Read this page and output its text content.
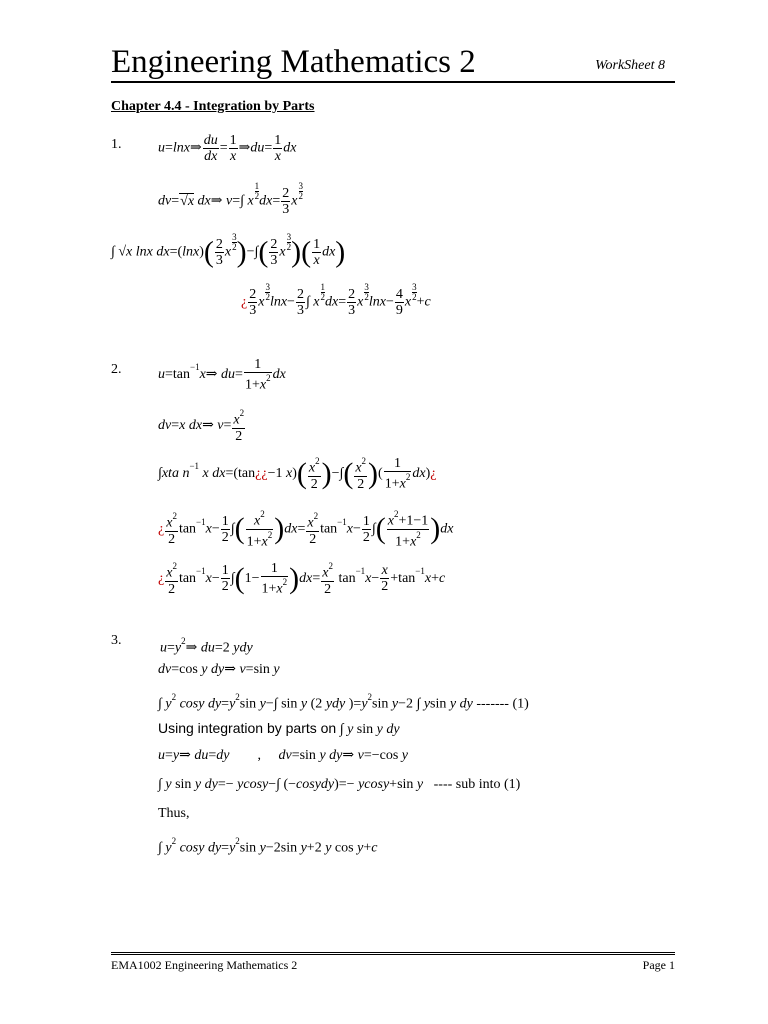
Engineering Mathematics 2	WorkSheet 8
Chapter 4.4 - Integration by Parts
1.	u=lnx⇒ $\frac{du}{dx} = \frac{1}{x}$ ⇒du= $\frac{1}{x}$ dx
dv=√x dx⇒ v=∫ x
$\frac{1}{2}$
$dx= \frac{2}{3}$ x
$\frac{3}{2}$
∫ √x lnx $dx=(\ln x)( \frac{2}{3}$ x
$\frac{3}{2}$ )−∫( $\frac{2}{3}$ x
$\frac{3}{2}$ )( $\frac{1}{x} dx$)
¿ $\frac{2}{3}$ x
$\frac{3}{2}$
$\ln x- \frac{2}{3}$ ∫ x
$\frac{1}{2}$
$dx= \frac{2}{3}$ x
$\frac{3}{2}$
$\ln x- \frac{4}{9}$ x
$\frac{3}{2}$
+c
2.	$u=\tan^{-1}x\Rightarrow$ $du= \frac{1}{1+x^2}$ dx
dv=x dx⇒ $v= \frac{x^2}{2}$
∫xta $n^{-1}$ x dx=(tan¿¿−1 $x)( \frac{x^2}{2}$ )−∫( $\frac{x^2}{2}$ )( $\frac{1}{1+x^2}$ dx)¿
¿ $\frac{x^2}{2} \tan^{-1}x- \frac{1}{2}$ ∫( $\frac{x^2}{1+x^2} )dx= \frac{x^2}{2} \tan^{-1}x- \frac{1}{2}$ ∫( $\frac{x^2+1-1}{1+x^2} )dx$
¿ $\frac{x^2}{2} \tan^{-1}x- \frac{1}{2} \int(1- \frac{1}{1+x^2} )dx= \frac{x^2}{2} \tan^{-1}x- \frac{x}{2} +\tan^{-1}x+c$
3.
$u=y^2\Rightarrow$ du=2 ydy
dv=cos y dy⇒ v=sin y
∫ $y^2$ cosy $dy=y^2\sin$ y−∫ sin y (2 ydy )$=y^2\sin$ y−2 ∫ ysin y dy ------- (1)
Using integration by parts on ∫ y sin y dy
u=y⇒ du=dy        ,     dv=sin y dy⇒ v=−cos y
∫ y sin y dy=− ycosy−∫ (−cosydy)=− ycosy+sin y ---- sub into (1)
Thus,
∫ $y^2$ cosy $dy=y^2\sin$ y−2sin y+2 y cos y+c
EMA1002 Engineering Mathematics 2	Page 1
